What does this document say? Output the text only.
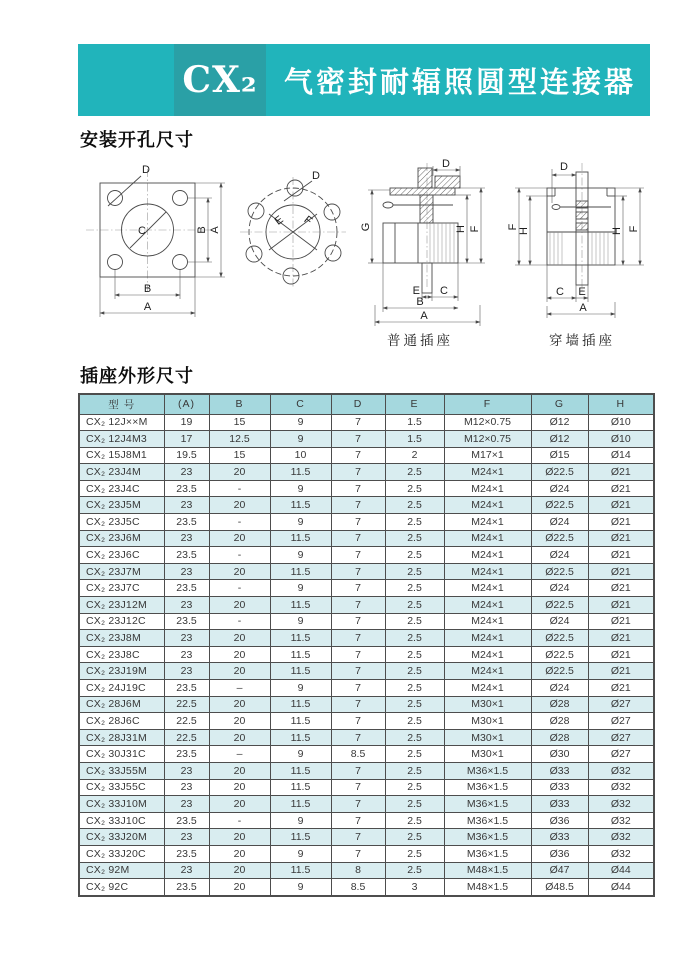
CX₂ 气密封耐辐照圆型连接器
安装开孔尺寸
插座外形尺寸
D
C	B A
B
A
D
E F	G
D
H F
E C
B
A
普通插座
F
H
D
H F
C E
A
穿墙插座
型 号	(A)	B	C	D	E	F	G	H
CX₂ 12J××M	19	15	9	7	1.5	M12×0.75	Ø12	Ø10
CX₂ 12J4M3	17	12.5	9	7	1.5	M12×0.75	Ø12	Ø10
CX₂ 15J8M1	19.5	15	10	7	2	M17×1	Ø15	Ø14
CX₂ 23J4M	23	20	11.5	7	2.5	M24×1	Ø22.5	Ø21
CX₂ 23J4C	23.5	-	9	7	2.5	M24×1	Ø24	Ø21
CX₂ 23J5M	23	20	11.5	7	2.5	M24×1	Ø22.5	Ø21
CX₂ 23J5C	23.5	-	9	7	2.5	M24×1	Ø24	Ø21
CX₂ 23J6M	23	20	11.5	7	2.5	M24×1	Ø22.5	Ø21
CX₂ 23J6C	23.5	-	9	7	2.5	M24×1	Ø24	Ø21
CX₂ 23J7M	23	20	11.5	7	2.5	M24×1	Ø22.5	Ø21
CX₂ 23J7C	23.5	-	9	7	2.5	M24×1	Ø24	Ø21
CX₂ 23J12M	23	20	11.5	7	2.5	M24×1	Ø22.5	Ø21
CX₂ 23J12C	23.5	-	9	7	2.5	M24×1	Ø24	Ø21
CX₂ 23J8M	23	20	11.5	7	2.5	M24×1	Ø22.5	Ø21
CX₂ 23J8C	23	20	11.5	7	2.5	M24×1	Ø22.5	Ø21
CX₂ 23J19M	23	20	11.5	7	2.5	M24×1	Ø22.5	Ø21
CX₂ 24J19C	23.5	–	9	7	2.5	M24×1	Ø24	Ø21
CX₂ 28J6M	22.5	20	11.5	7	2.5	M30×1	Ø28	Ø27
CX₂ 28J6C	22.5	20	11.5	7	2.5	M30×1	Ø28	Ø27
CX₂ 28J31M	22.5	20	11.5	7	2.5	M30×1	Ø28	Ø27
CX₂ 30J31C	23.5	–	9	8.5	2.5	M30×1	Ø30	Ø27
CX₂ 33J55M	23	20	11.5	7	2.5	M36×1.5	Ø33	Ø32
CX₂ 33J55C	23	20	11.5	7	2.5	M36×1.5	Ø33	Ø32
CX₂ 33J10M	23	20	11.5	7	2.5	M36×1.5	Ø33	Ø32
CX₂ 33J10C	23.5	-	9	7	2.5	M36×1.5	Ø36	Ø32
CX₂ 33J20M	23	20	11.5	7	2.5	M36×1.5	Ø33	Ø32
CX₂ 33J20C	23.5	20	9	7	2.5	M36×1.5	Ø36	Ø32
CX₂ 92M	23	20	11.5	8	2.5	M48×1.5	Ø47	Ø44
CX₂ 92C	23.5	20	9	8.5	3	M48×1.5	Ø48.5	Ø44
